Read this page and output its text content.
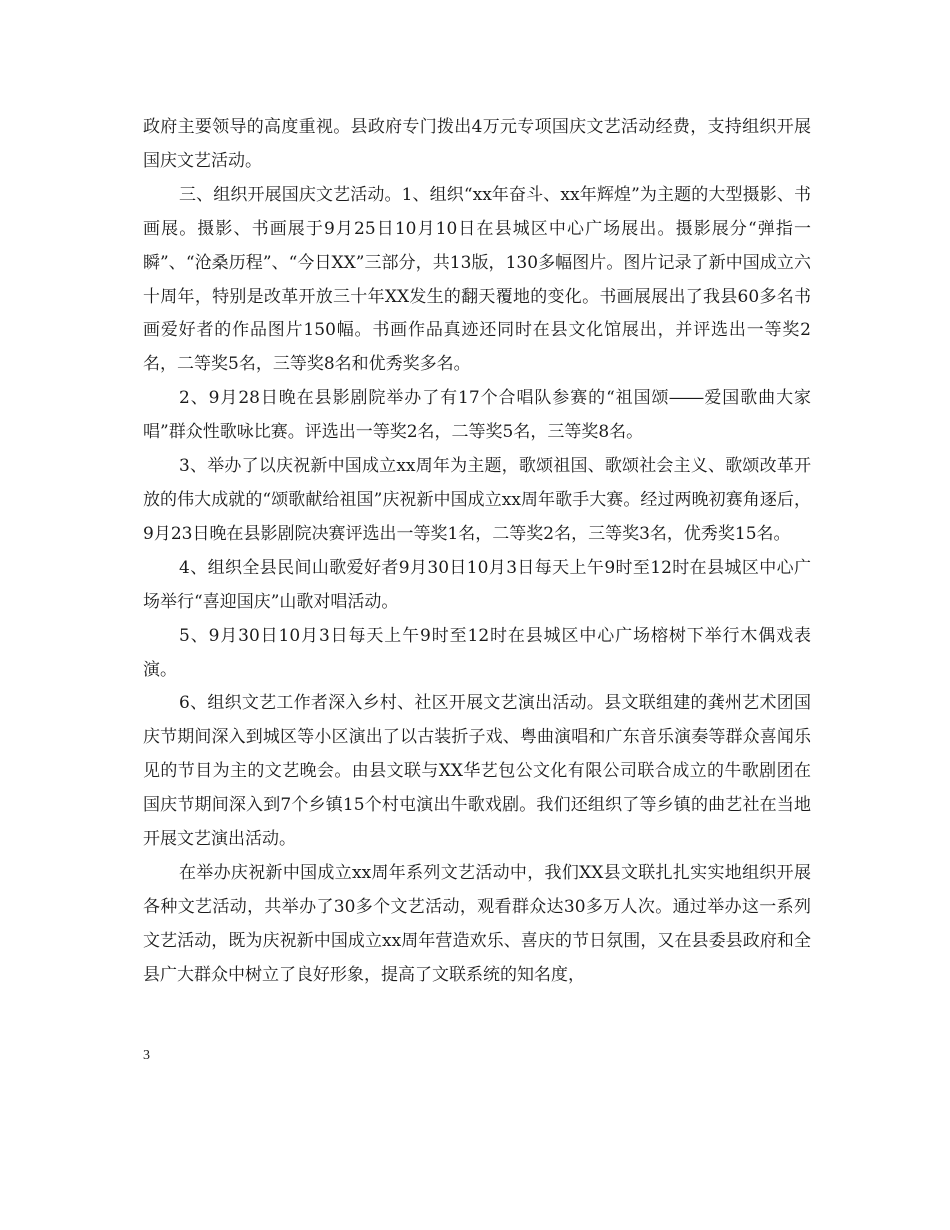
政府主要领导的高度重视。县政府专门拨出4万元专项国庆文艺活动经费，支持组织开展国庆文艺活动。

三、组织开展国庆文艺活动。1、组织“xx年奋斗、xx年辉煌”为主题的大型摄影、书画展。摄影、书画展于9月25日10月10日在县城区中心广场展出。摄影展分“弹指一瞬”、“沧桑历程”、“今日XX”三部分，共13版，130多幅图片。图片记录了新中国成立六十周年，特别是改革开放三十年XX发生的翻天覆地的变化。书画展展出了我县60多名书画爱好者的作品图片150幅。书画作品真迹还同时在县文化馆展出，并评选出一等奖2名，二等奖5名，三等奖8名和优秀奖多名。

2、9月28日晚在县影剧院举办了有17个合唱队参赛的“祖国颂――爱国歌曲大家唱”群众性歌咏比赛。评选出一等奖2名，二等奖5名，三等奖8名。

3、举办了以庆祝新中国成立xx周年为主题，歌颂祖国、歌颂社会主义、歌颂改革开放的伟大成就的“颂歌献给祖国”庆祝新中国成立xx周年歌手大赛。经过两晚初赛角逐后，9月23日晚在县影剧院决赛评选出一等奖1名，二等奖2名，三等奖3名，优秀奖15名。

4、组织全县民间山歌爱好者9月30日10月3日每天上午9时至12时在县城区中心广场举行“喜迎国庆”山歌对唱活动。

5、9月30日10月3日每天上午9时至12时在县城区中心广场榕树下举行木偶戏表演。

6、组织文艺工作者深入乡村、社区开展文艺演出活动。县文联组建的龚州艺术团国庆节期间深入到城区等小区演出了以古装折子戏、粤曲演唱和广东音乐演奏等群众喜闻乐见的节目为主的文艺晚会。由县文联与XX华艺包公文化有限公司联合成立的牛歌剧团在国庆节期间深入到7个乡镇15个村屯演出牛歌戏剧。我们还组织了等乡镇的曲艺社在当地开展文艺演出活动。

在举办庆祝新中国成立xx周年系列文艺活动中，我们XX县文联扎扎实实地组织开展各种文艺活动，共举办了30多个文艺活动，观看群众达30多万人次。通过举办这一系列文艺活动，既为庆祝新中国成立xx周年营造欢乐、喜庆的节日氛围，又在县委县政府和全县广大群众中树立了良好形象，提高了文联系统的知名度，

3
